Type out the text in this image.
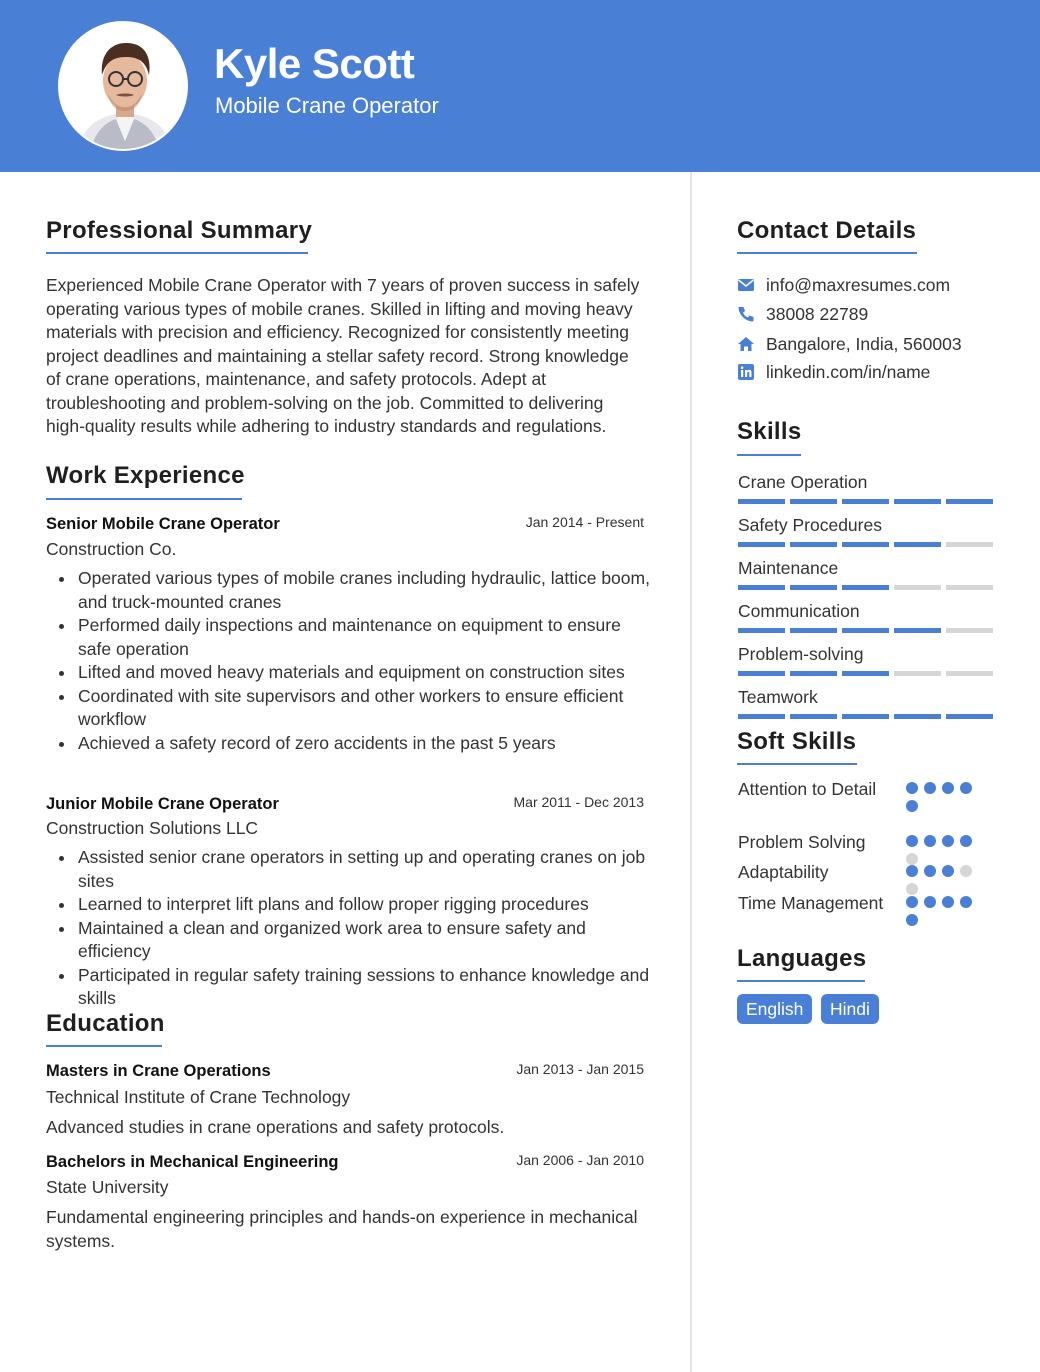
Kyle Scott
Mobile Crane Operator
Professional Summary
Experienced Mobile Crane Operator with 7 years of proven success in safely operating various types of mobile cranes. Skilled in lifting and moving heavy materials with precision and efficiency. Recognized for consistently meeting project deadlines and maintaining a stellar safety record. Strong knowledge of crane operations, maintenance, and safety protocols. Adept at troubleshooting and problem-solving on the job. Committed to delivering high-quality results while adhering to industry standards and regulations.
Work Experience
Senior Mobile Crane Operator	Jan 2014 - Present
Construction Co.
Operated various types of mobile cranes including hydraulic, lattice boom, and truck-mounted cranes
Performed daily inspections and maintenance on equipment to ensure safe operation
Lifted and moved heavy materials and equipment on construction sites
Coordinated with site supervisors and other workers to ensure efficient workflow
Achieved a safety record of zero accidents in the past 5 years
Junior Mobile Crane Operator	Mar 2011 - Dec 2013
Construction Solutions LLC
Assisted senior crane operators in setting up and operating cranes on job sites
Learned to interpret lift plans and follow proper rigging procedures
Maintained a clean and organized work area to ensure safety and efficiency
Participated in regular safety training sessions to enhance knowledge and skills
Education
Masters in Crane Operations	Jan 2013 - Jan 2015
Technical Institute of Crane Technology
Advanced studies in crane operations and safety protocols.
Bachelors in Mechanical Engineering	Jan 2006 - Jan 2010
State University
Fundamental engineering principles and hands-on experience in mechanical systems.
Contact Details
info@maxresumes.com
38008 22789
Bangalore, India, 560003
linkedin.com/in/name
Skills
Crane Operation
Safety Procedures
Maintenance
Communication
Problem-solving
Teamwork
Soft Skills
Attention to Detail
Problem Solving
Adaptability
Time Management
Languages
English	Hindi
